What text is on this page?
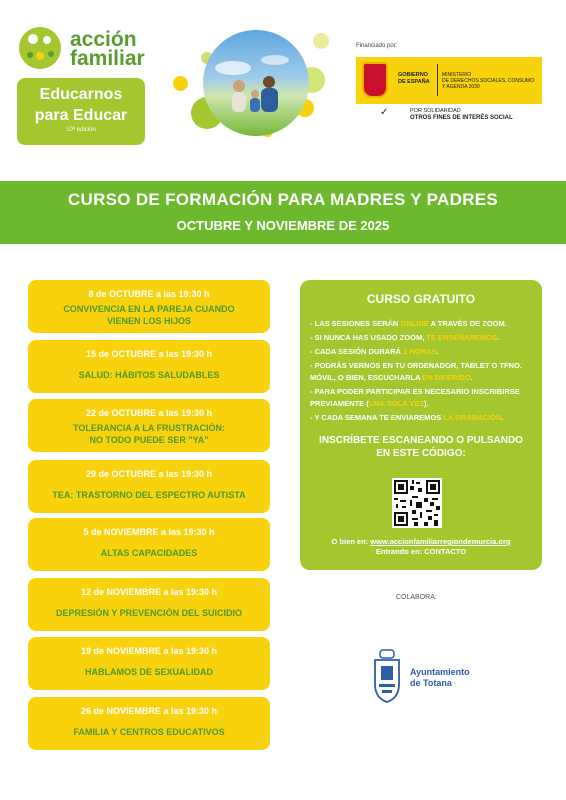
acción
familiar
Educarnos
para Educar
10ª edición
Financiado por:
GOBIERNO
DE ESPAÑA
MINISTERIO
DE DERECHOS SOCIALES, CONSUMO
Y AGENDA 2030
✓	POR SOLIDARIDAD
OTROS FINES DE INTERÉS SOCIAL
CURSO DE FORMACIÓN PARA MADRES Y PADRES
OCTUBRE Y NOVIEMBRE DE 2025
8 de OCTUBRE a las 19:30 h
CONVIVENCIA EN LA PAREJA CUANDO
VIENEN LOS HIJOS
15 de OCTUBRE a las 19:30 h
SALUD: HÁBITOS SALUDABLES
22 de OCTUBRE a las 19:30 h
TOLERANCIA A LA FRUSTRACIÓN:
NO TODO PUEDE SER "YA"
29 de OCTUBRE a las 19:30 h
TEA: TRASTORNO DEL ESPECTRO AUTISTA
5 de NOVIEMBRE a las 19:30 h
ALTAS CAPACIDADES
12 de NOVIEMBRE a las 19:30 h
DEPRESIÓN Y PREVENCIÓN DEL SUICIDIO
19 de NOVIEMBRE a las 19:30 h
HABLAMOS DE SEXUALIDAD
26 de NOVIEMBRE a las 19:30 h
FAMILIA Y CENTROS EDUCATIVOS
CURSO GRATUITO
- LAS SESIONES SERÁN ONLINE A TRAVÉS DE ZOOM.
- SI NUNCA HAS USADO ZOOM, TE ENSEÑAREMOS.
- CADA SESIÓN DURARÁ 2 HORAS.
- PODRÁS VERNOS EN TU ORDENADOR, TABLET O TFNO. MÓVIL, O BIEN, ESCUCHARLA EN DIFERIDO.
- PARA PODER PARTICIPAR ES NECESARIO INSCRIBIRSE PREVIAMENTE (UNA SOLA VEZ).
- Y CADA SEMANA TE ENVIAREMOS LA GRABACIÓN.
INSCRÍBETE ESCANEANDO O PULSANDO
EN ESTE CÓDIGO:
O bien en: www.accionfamiliarregiondemurcia.org
Entrando en: CONTACTO
COLABORA:
Ayuntamiento
de Totana
